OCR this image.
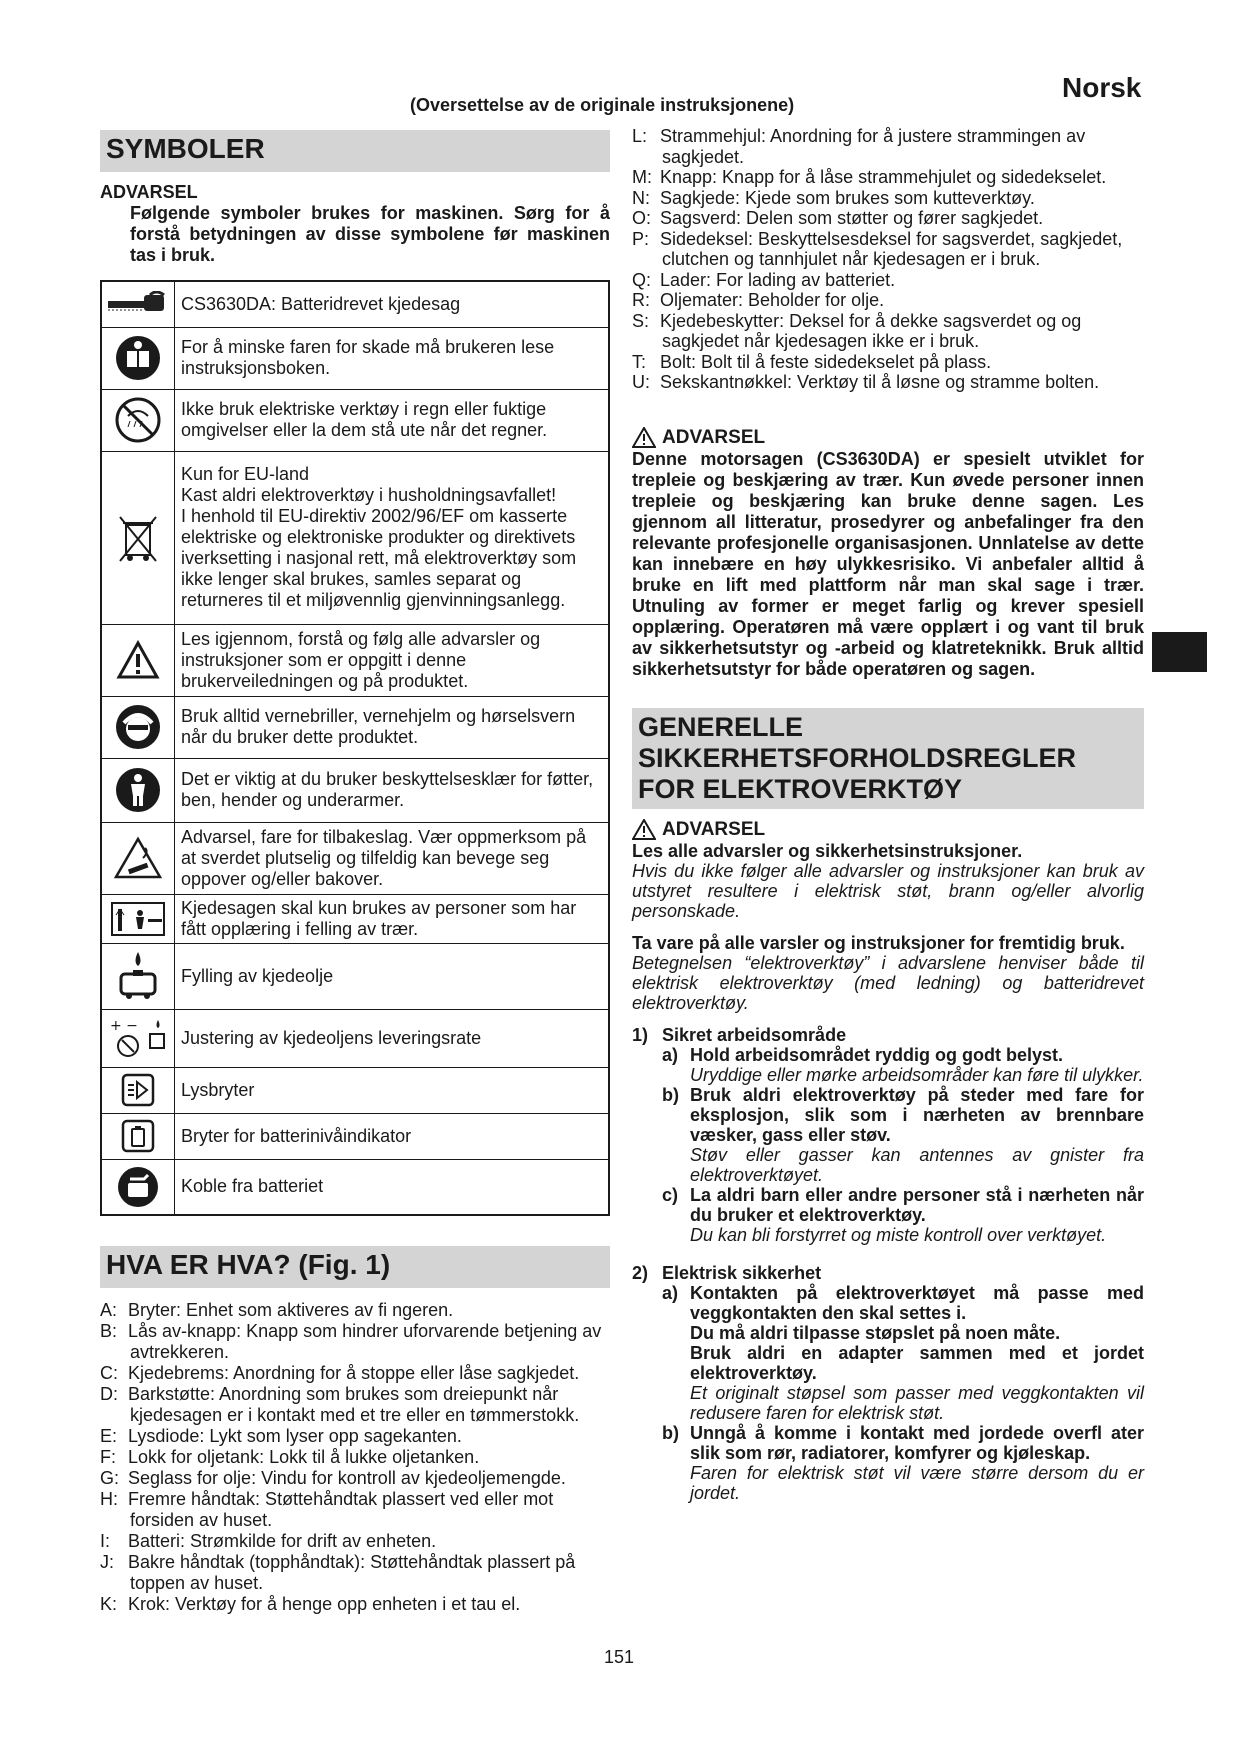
(Oversettelse av de originale instruksjonene)
Norsk
SYMBOLER
ADVARSEL
Følgende symboler brukes for maskinen. Sørg for å forstå betydningen av disse symbolene før maskinen tas i bruk.
	CS3630DA: Batteridrevet kjedesag

	For å minske faren for skade må brukeren lese instruksjonsboken.

	Ikke bruk elektriske verktøy i regn eller fuktige omgivelser eller la dem stå ute når det regner.

	Kun for EU-land
Kast aldri elektroverktøy i husholdningsavfallet!
I henhold til EU-direktiv 2002/96/EF om kasserte elektriske og elektroniske produkter og direktivets iverksetting i nasjonal rett, må elektroverktøy som ikke lenger skal brukes, samles separat og returneres til et miljøvennlig gjenvinningsanlegg.

	Les igjennom, forstå og følg alle advarsler og instruksjoner som er oppgitt i denne brukerveiledningen og på produktet.

	Bruk alltid vernebriller, vernehjelm og hørselsvern når du bruker dette produktet.

	Det er viktig at du bruker beskyttelsesklær for føtter, ben, hender og underarmer.

	Advarsel, fare for tilbakeslag. Vær oppmerksom på at sverdet plutselig og tilfeldig kan bevege seg oppover og/eller bakover.

	Kjedesagen skal kun brukes av personer som har fått opplæring i felling av trær.

	Fylling av kjedeolje

+ −	Justering av kjedeoljens leveringsrate

	Lysbryter

	Bryter for batterinivåindikator

	Koble fra batteriet
HVA ER HVA? (Fig. 1)
A: Bryter: Enhet som aktiveres av fi ngeren.
B: Lås av-knapp: Knapp som hindrer uforvarende betjening av avtrekkeren.
C: Kjedebrems: Anordning for å stoppe eller låse sagkjedet.
D: Barkstøtte: Anordning som brukes som dreiepunkt når kjedesagen er i kontakt med et tre eller en tømmerstokk.
E: Lysdiode: Lykt som lyser opp sagekanten.
F: Lokk for oljetank: Lokk til å lukke oljetanken.
G: Seglass for olje: Vindu for kontroll av kjedeoljemengde.
H: Fremre håndtak: Støttehåndtak plassert ved eller mot forsiden av huset.
I: Batteri: Strømkilde for drift av enheten.
J: Bakre håndtak (topphåndtak): Støttehåndtak plassert på toppen av huset.
K: Krok: Verktøy for å henge opp enheten i et tau el.
L: Strammehjul: Anordning for å justere strammingen av sagkjedet.
M: Knapp: Knapp for å låse strammehjulet og sidedekselet.
N: Sagkjede: Kjede som brukes som kutteverktøy.
O: Sagsverd: Delen som støtter og fører sagkjedet.
P: Sidedeksel: Beskyttelsesdeksel for sagsverdet, sagkjedet, clutchen og tannhjulet når kjedesagen er i bruk.
Q: Lader: For lading av batteriet.
R: Oljemater: Beholder for olje.
S: Kjedebeskytter: Deksel for å dekke sagsverdet og og sagkjedet når kjedesagen ikke er i bruk.
T: Bolt: Bolt til å feste sidedekselet på plass.
U: Sekskantnøkkel: Verktøy til å løsne og stramme bolten.
ADVARSEL
Denne motorsagen (CS3630DA) er spesielt utviklet for trepleie og beskjæring av trær. Kun øvede personer innen trepleie og beskjæring kan bruke denne sagen. Les gjennom all litteratur, prosedyrer og anbefalinger fra den relevante profesjonelle organisasjonen. Unnlatelse av dette kan innebære en høy ulykkesrisiko. Vi anbefaler alltid å bruke en lift med plattform når man skal sage i trær. Utnuling av former er meget farlig og krever spesiell opplæring. Operatøren må være opplært i og vant til bruk av sikkerhetsutstyr og -arbeid og klatreteknikk. Bruk alltid sikkerhetsutstyr for både operatøren og sagen.
GENERELLE SIKKERHETSFORHOLDSREGLER FOR ELEKTROVERKTØY
ADVARSEL
Les alle advarsler og sikkerhetsinstruksjoner.
Hvis du ikke følger alle advarsler og instruksjoner kan bruk av utstyret resultere i elektrisk støt, brann og/eller alvorlig personskade.
Ta vare på alle varsler og instruksjoner for fremtidig bruk.
Betegnelsen “elektroverktøy” i advarslene henviser både til elektrisk elektroverktøy (med ledning) og batteridrevet elektroverktøy.
1) Sikret arbeidsområde
a) Hold arbeidsområdet ryddig og godt belyst.
Uryddige eller mørke arbeidsområder kan føre til ulykker.
b) Bruk aldri elektroverktøy på steder med fare for eksplosjon, slik som i nærheten av brennbare væsker, gass eller støv.
Støv eller gasser kan antennes av gnister fra elektroverktøyet.
c) La aldri barn eller andre personer stå i nærheten når du bruker et elektroverktøy.
Du kan bli forstyrret og miste kontroll over verktøyet.
2) Elektrisk sikkerhet
a) Kontakten på elektroverktøyet må passe med veggkontakten den skal settes i.
Du må aldri tilpasse støpslet på noen måte.
Bruk aldri en adapter sammen med et jordet elektroverktøy.
Et originalt støpsel som passer med veggkontakten vil redusere faren for elektrisk støt.
b) Unngå å komme i kontakt med jordede overfl ater slik som rør, radiatorer, komfyrer og kjøleskap.
Faren for elektrisk støt vil være større dersom du er jordet.
151
